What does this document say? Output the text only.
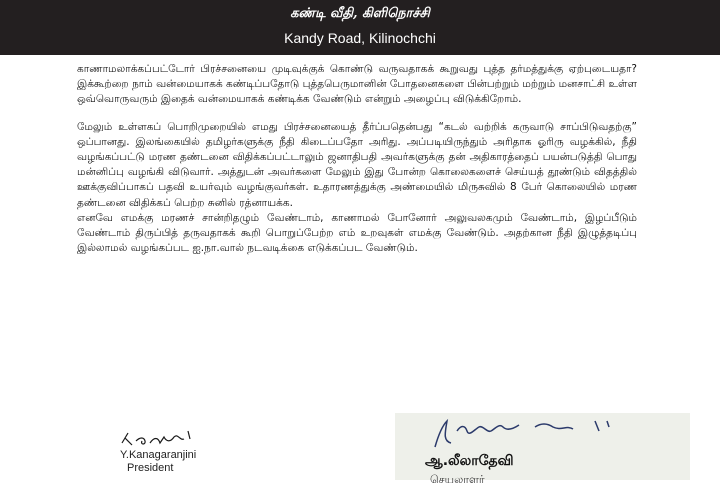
கண்டி வீதி, கிளிநொச்சி
Kandy Road, Kilinochchi

காணாமலாக்கப்பட்டோர் பிரச்சனையை முடிவுக்குக் கொண்டு வருவதாகக் கூறுவது புத்த தர்மத்துக்கு ஏற்புடையதா? இக்கூற்றை நாம் வன்மையாகக் கண்டிப்பதோடு புத்தபெருமானின் போதனைகளை பின்பற்றும் மற்றும் மனசாட்சி உள்ள ஒவ்வொருவரும் இதைக் வன்மையாகக் கண்டிக்க வேண்டும் என்றும் அழைப்பு விடுக்கிறோம்.

மேலும் உள்ளகப் பொறிமுறையில் எமது பிரச்சனையைத் தீர்ப்பதென்பது “கடல் வற்றிக் கருவாடு சாப்பிடுவதற்கு” ஒப்பானது. இலங்கையில் தமிழர்களுக்கு நீதி கிடைப்பதோ அரிது. அப்படியிருந்தும் அரிதாக ஓரிரு வழக்கில், நீதி வழங்கப்பட்டு மரண தண்டனை விதிக்கப்பட்டாலும் ஜனாதிபதி அவர்களுக்கு தன் அதிகாரத்தைப் பயன்படுத்தி பொது மன்னிப்பு வழங்கி விடுவார். அத்துடன் அவர்களை மேலும் இது போன்ற கொலைகளைச் செய்யத் தூண்டும் விதத்தில் ஊக்குவிப்பாகப் பதவி உயர்வும் வழங்குவர்கள். உதாரணத்துக்கு அண்மையில் மிருசுவில் 8 பேர் கொலையில் மரண தண்டனை விதிக்கப் பெற்ற சுனில் ரத்னாயக்க.

எனவே எமக்கு மரணச் சான்றிதழும் வேண்டாம், காணாமல் போனோர் அலுவலகமும் வேண்டாம், இழப்பீடும் வேண்டாம் திருப்பித் தருவதாகக் கூறி பொறுப்பேற்ற எம் உறவுகள் எமக்கு வேண்டும். அதற்கான நீதி இழுத்தடிப்பு இல்லாமல் வழங்கப்பட ஐ.நா.வால் நடவடிக்கை எடுக்கப்பட வேண்டும்.

Y.Kanagaranjini
President	ஆ.லீலாதேவி
செயலாளர்
